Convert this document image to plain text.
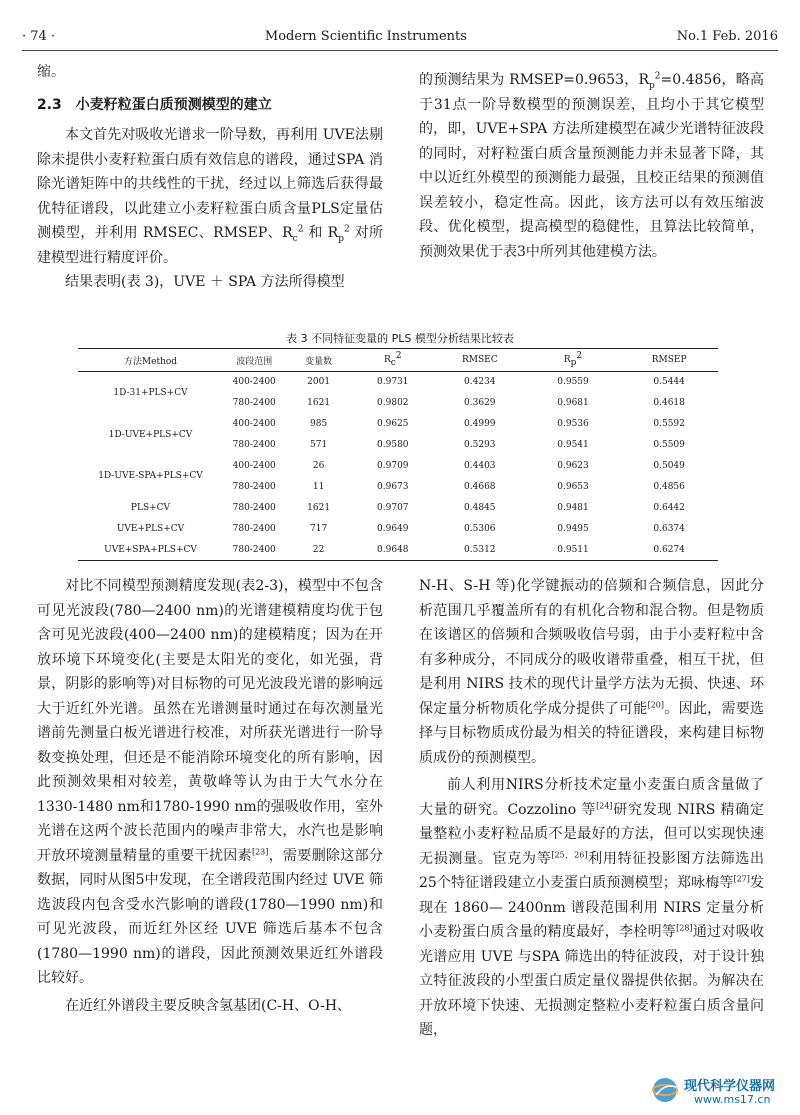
· 74 ·	Modern Scientific Instruments	No.1 Feb. 2016

缩。

2.3　小麦籽粒蛋白质预测模型的建立

本文首先对吸收光谱求一阶导数，再利用 UVE法剔除未提供小麦籽粒蛋白质有效信息的谱段，通过SPA 消除光谱矩阵中的共线性的干扰，经过以上筛选后获得最优特征谱段，以此建立小麦籽粒蛋白质含量PLS定量估测模型，并利用 RMSEC、RMSEP、$R_c^2$ 和 $R_p^2$ 对所建模型进行精度评价。

结果表明(表 3)，UVE ＋ SPA 方法所得模型

的预测结果为 RMSEP=0.9653，$R_p^2=0.4856$，略高于31点一阶导数模型的预测误差，且均小于其它模型的，即，UVE+SPA 方法所建模型在减少光谱特征波段的同时，对籽粒蛋白质含量预测能力并未显著下降，其中以近红外模型的预测能力最强，且校正结果的预测值误差较小，稳定性高。因此，该方法可以有效压缩波段、优化模型，提高模型的稳健性，且算法比较简单，预测效果优于表3中所列其他建模方法。

表 3 不同特征变量的 PLS 模型分析结果比较表
方法Method	波段范围	变量数	$R_c^2$	RMSEC	$R_p^2$	RMSEP
1D-31+PLS+CV	400-2400	2001	0.9731	0.4234	0.9559	0.5444
	780-2400	1621	0.9802	0.3629	0.9681	0.4618
1D-UVE+PLS+CV	400-2400	985	0.9625	0.4999	0.9536	0.5592
	780-2400	571	0.9580	0.5293	0.9541	0.5509
1D-UVE-SPA+PLS+CV	400-2400	26	0.9709	0.4403	0.9623	0.5049
	780-2400	11	0.9673	0.4668	0.9653	0.4856
PLS+CV	780-2400	1621	0.9707	0.4845	0.9481	0.6442
UVE+PLS+CV	780-2400	717	0.9649	0.5306	0.9495	0.6374
UVE+SPA+PLS+CV	780-2400	22	0.9648	0.5312	0.9511	0.6274

对比不同模型预测精度发现(表2-3)，模型中不包含可见光波段(780—2400 nm)的光谱建模精度均优于包含可见光波段(400—2400 nm)的建模精度；因为在开放环境下环境变化(主要是太阳光的变化，如光强，背景，阴影的影响等)对目标物的可见光波段光谱的影响远大于近红外光谱。虽然在光谱测量时通过在每次测量光谱前先测量白板光谱进行校准，对所获光谱进行一阶导数变换处理，但还是不能消除环境变化的所有影响，因此预测效果相对较差，黄敬峰等认为由于大气水分在1330-1480 nm和1780-1990 nm的强吸收作用，室外光谱在这两个波长范围内的噪声非常大，水汽也是影响开放环境测量精量的重要干扰因素[23]，需要删除这部分数据，同时从图5中发现，在全谱段范围内经过 UVE 筛选波段内包含受水汽影响的谱段(1780—1990 nm)和可见光波段，而近红外区经 UVE 筛选后基本不包含(1780—1990 nm)的谱段，因此预测效果近红外谱段比较好。

在近红外谱段主要反映含氢基团(C-H、O-H、

N-H、S-H 等)化学键振动的倍频和合频信息，因此分析范围几乎覆盖所有的有机化合物和混合物。但是物质在该谱区的倍频和合频吸收信号弱，由于小麦籽粒中含有多种成分，不同成分的吸收谱带重叠，相互干扰，但是利用 NIRS 技术的现代计量学方法为无损、快速、环保定量分析物质化学成分提供了可能[20]。因此，需要选择与目标物质成份最为相关的特征谱段，来构建目标物质成份的预测模型。

前人利用NIRS分析技术定量小麦蛋白质含量做了大量的研究。Cozzolino 等[24]研究发现 NIRS 精确定量整粒小麦籽粒品质不是最好的方法，但可以实现快速无损测量。宦克为等[25，26]利用特征投影图方法筛选出25个特征谱段建立小麦蛋白质预测模型；郑咏梅等[27]发现在 1860— 2400nm 谱段范围利用 NIRS 定量分析小麦粉蛋白质含量的精度最好，李栓明等[28]通过对吸收光谱应用 UVE 与SPA 筛选出的特征波段，对于设计独立特征波段的小型蛋白质定量仪器提供依据。为解决在开放环境下快速、无损测定整粒小麦籽粒蛋白质含量问题，

现代科学仪器网
www.ms17.cn
